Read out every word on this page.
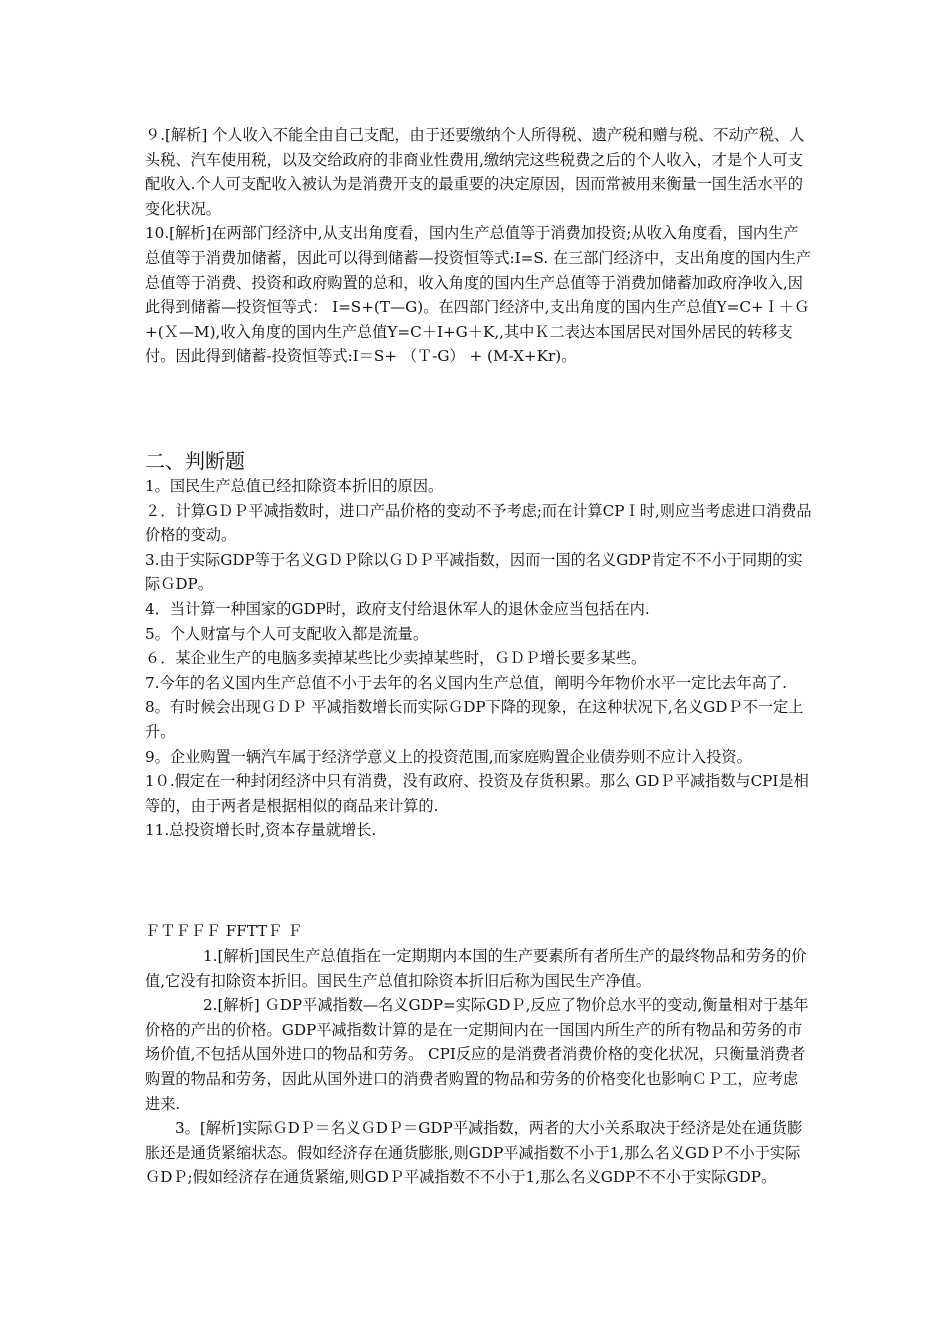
９.[解析] 个人收入不能全由自己支配，由于还要缴纳个人所得税、遗产税和赠与税、不动产税、人头税、汽车使用税，以及交给政府的非商业性费用,缴纳完这些税费之后的个人收入，才是个人可支配收入.个人可支配收入被认为是消费开支的最重要的决定原因，因而常被用来衡量一国生活水平的变化状况。

10.[解析]在两部门经济中,从支出角度看，国内生产总值等于消费加投资;从收入角度看，国内生产总值等于消费加储蓄，因此可以得到储蓄—投资恒等式:I=S. 在三部门经济中，支出角度的国内生产总值等于消费、投资和政府购置的总和，收入角度的国内生产总值等于消费加储蓄加政府净收入,因此得到储蓄—投资恒等式： I=S+(T—G)。在四部门经济中,支出角度的国内生产总值Y=C+Ｉ＋Ｇ+(Ｘ—M),收入角度的国内生产总值Y=C＋I+G＋K,,其中Ｋ二表达本国居民对国外居民的转移支付。因此得到储蓄-投资恒等式:I＝S+ （Ｔ-G） + (M-X+Kr)。

二、判断题

1。国民生产总值已经扣除资本折旧的原因。

２．计算GＤＰ平减指数时，进口产品价格的变动不予考虑;而在计算CPＩ时,则应当考虑进口消费品价格的变动。

3.由于实际GDP等于名义GＤＰ除以ＧＤＰ平减指数，因而一国的名义GDP肯定不不小于同期的实际ＧDP。

4．当计算一种国家的GDP时，政府支付给退休军人的退休金应当包括在内.

5。个人财富与个人可支配收入都是流量。

６．某企业生产的电脑多卖掉某些比少卖掉某些时，ＧＤＰ增长要多某些。

7.今年的名义国内生产总值不小于去年的名义国内生产总值，阐明今年物价水平一定比去年高了.

8。有时候会出现ＧＤＰ 平减指数增长而实际ＧDP下降的现象，在这种状况下,名义GDＰ不一定上升。

9。企业购置一辆汽车属于经济学意义上的投资范围,而家庭购置企业债券则不应计入投资。

1０.假定在一种封闭经济中只有消费，没有政府、投资及存货积累。那么 GDＰ平减指数与CPI是相等的，由于两者是根据相似的商品来计算的.

11.总投资增长时,资本存量就增长.

ＦＴＦＦＦ FFTTＦ Ｆ

1.[解析]国民生产总值指在一定期期内本国的生产要素所有者所生产的最终物品和劳务的价值,它没有扣除资本折旧。国民生产总值扣除资本折旧后称为国民生产净值。

2.[解析] ＧDP平减指数—名义GDP=实际GDＰ,反应了物价总水平的变动,衡量相对于基年价格的产出的价格。GDP平减指数计算的是在一定期间内在一国国内所生产的所有物品和劳务的市场价值,不包括从国外进口的物品和劳务。 CPI反应的是消费者消费价格的变化状况，只衡量消费者购置的物品和劳务，因此从国外进口的消费者购置的物品和劳务的价格变化也影响ＣＰ工，应考虑进来.

3。[解析]实际ＧDＰ＝名义ＧDＰ＝GDP平减指数，两者的大小关系取决于经济是处在通货膨胀还是通货紧缩状态。假如经济存在通货膨胀,则GDP平减指数不小于1,那么名义GDＰ不小于实际ＧDＰ;假如经济存在通货紧缩,则GDＰ平减指数不不小于1,那么名义GDP不不小于实际GDP。
